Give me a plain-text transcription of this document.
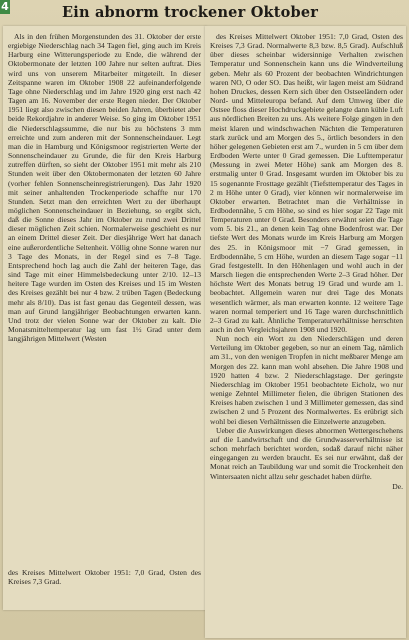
4	Ein abnorm trockener Oktober

Als in den frühen Morgenstunden des 31. Oktober der erste ergiebige Niederschlag nach 34 Tagen fiel, ging auch im Kreis Harburg eine Witterungsperiode zu Ende, die während der Oktobermonate der letzten 100 Jahre nur selten auftrat. Dies wird uns von unserem Mitarbeiter mitgeteilt. In dieser Zeitspanne waren im Oktober 1908 22 aufeinanderfolgende Tage ohne Niederschlag und im Jahre 1920 ging erst nach 42 Tagen am 16. November der erste Regen nieder. Der Oktober 1951 liegt also zwischen diesen beiden Jahren, überbietet aber beide Rekordjahre in anderer Weise. So ging im Oktober 1951 die Niederschlagssumme, die nur bis zu höchstens 3 mm erreichte und zum anderen mit der Sonnenscheindauer. Legt man die in Hamburg und Königsmoor registrierten Werte der Sonnenscheindauer zu Grunde, die für den Kreis Harburg zutreffen dürften, so sieht der Oktober 1951 mit mehr als 210 Stunden weit über den Oktobermonaten der letzten 60 Jahre (vorher fehlen Sonnenscheinregistrierungen). Das Jahr 1920 mit seiner anhaltenden Trockenperiode schaffte nur 170 Stunden. Setzt man den erreichten Wert zu der überhaupt möglichen Sonnenscheindauer in Beziehung, so ergibt sich, daß die Sonne dieses Jahr im Oktober zu rund zwei Drittel dieser möglichen Zeit schien. Normalerweise geschieht es nur an einem Drittel dieser Zeit. Der diesjährige Wert hat danach eine außerordentliche Seltenheit. Völlig ohne Sonne waren nur 3 Tage des Monats, in der Regel sind es 7–8 Tage. Entsprechend hoch lag auch die Zahl der heiteren Tage, das sind Tage mit einer Himmelsbedeckung unter 2/10. 12–13 heitere Tage wurden im Osten des Kreises und 15 im Westen des Kreises gezählt bei nur 4 bzw. 2 trüben Tagen (Bedeckung mehr als 8/10). Das ist fast genau das Gegenteil dessen, was man auf Grund langjähriger Beobachtungen erwarten kann. Und trotz der vielen Sonne war der Oktober zu kalt. Die Monatsmitteltemperatur lag um fast 1½ Grad unter dem langjährigen Mittelwert (Westen

des Kreises Mittelwert Oktober 1951: 7,0 Grad, Osten des Kreises 7,3 Grad.

des Kreises Mittelwert Oktober 1951: 7,0 Grad, Osten des Kreises 7,3 Grad. Normalwerte 8,3 bzw. 8,5 Grad). Aufschluß über dieses scheinbar widersinnige Verhalten zwischen Temperatur und Sonnenschein kann uns die Windverteilung geben. Mehr als 60 Prozent der beobachten Windrichtungen waren NO, O oder SO. Das heißt, wir lagen meist am Südrand hohen Druckes, dessen Kern sich über den Ostseeländern oder Nord- und Mitteleuropa befand. Auf dem Umweg über die Ostsee floss dieser Hochdruckgebiete gelangte dann kühle Luft aus nördlichen Breiten zu uns. Als weitere Folge gingen in den meist klaren und windschwachen Nächten die Temperaturen stark zurück und am Morgen des 5., örtlich besonders in den höher gelegenen Gebieten erst am 7., wurden in 5 cm über dem Erdboden Werte unter 0 Grad gemessen. Die Lufttemperatur (Messung in zwei Meter Höhe) sank am Morgen des 8. erstmalig unter 0 Grad. Insgesamt wurden im Oktober bis zu 15 sogenannte Frosttage gezählt (Tiefsttemperatur des Tages in 2 m Höhe unter 0 Grad), vier können wir normalerweise im Oktober erwarten. Betrachtet man die Verhältnisse in Erdbodennähe, 5 cm Höhe, so sind es hier sogar 22 Tage mit Temperaturen unter 0 Grad. Besonders erwähnt seien die Tage vom 5. bis 21., an denen kein Tag ohne Bodenfrost war. Der tiefste Wert des Monats wurde im Kreis Harburg am Morgen des 25. in Königsmoor mit −7 Grad gemessen, in Erdbodennähe, 5 cm Höhe, wurden an diesem Tage sogar −11 Grad festgestellt. In den Höhenlagen und wohl auch in der Marsch liegen die entsprechenden Werte 2–3 Grad höher. Der höchste Wert des Monats betrug 19 Grad und wurde am 1. beobachtet. Allgemein waren nur drei Tage des Monats wesentlich wärmer, als man erwarten konnte. 12 weitere Tage waren normal temperiert und 16 Tage waren durchschnittlich 2–3 Grad zu kalt. Ähnliche Temperaturverhältnisse herrschten auch in den Vergleichsjahren 1908 und 1920.

Nun noch ein Wort zu den Niederschlägen und deren Verteilung im Oktober gegeben, so nur an einem Tag, nämlich am 31., von den wenigen Tropfen in nicht meßbarer Menge am Morgen des 22. kann man wohl absehen. Die Jahre 1908 und 1920 hatten 4 bzw. 2 Niederschlagstage. Der geringste Niederschlag im Oktober 1951 beobachtete Eicholz, wo nur wenige Zehntel Millimeter fielen, die übrigen Stationen des Kreises haben zwischen 1 und 3 Millimeter gemessen, das sind zwischen 2 und 5 Prozent des Normalwertes. Es erübrigt sich wohl bei diesen Verhältnissen die Einzelwerte anzugeben.

Ueber die Auswirkungen dieses abnormen Wettergeschehens auf die Landwirtschaft und die Grundwasserverhältnisse ist schon mehrfach berichtet worden, sodaß darauf nicht näher eingegangen zu werden braucht. Es sei nur erwähnt, daß der Monat reich an Taubildung war und somit die Trockenheit den Wintersaaten nicht allzu sehr geschadet haben dürfte.

De.
